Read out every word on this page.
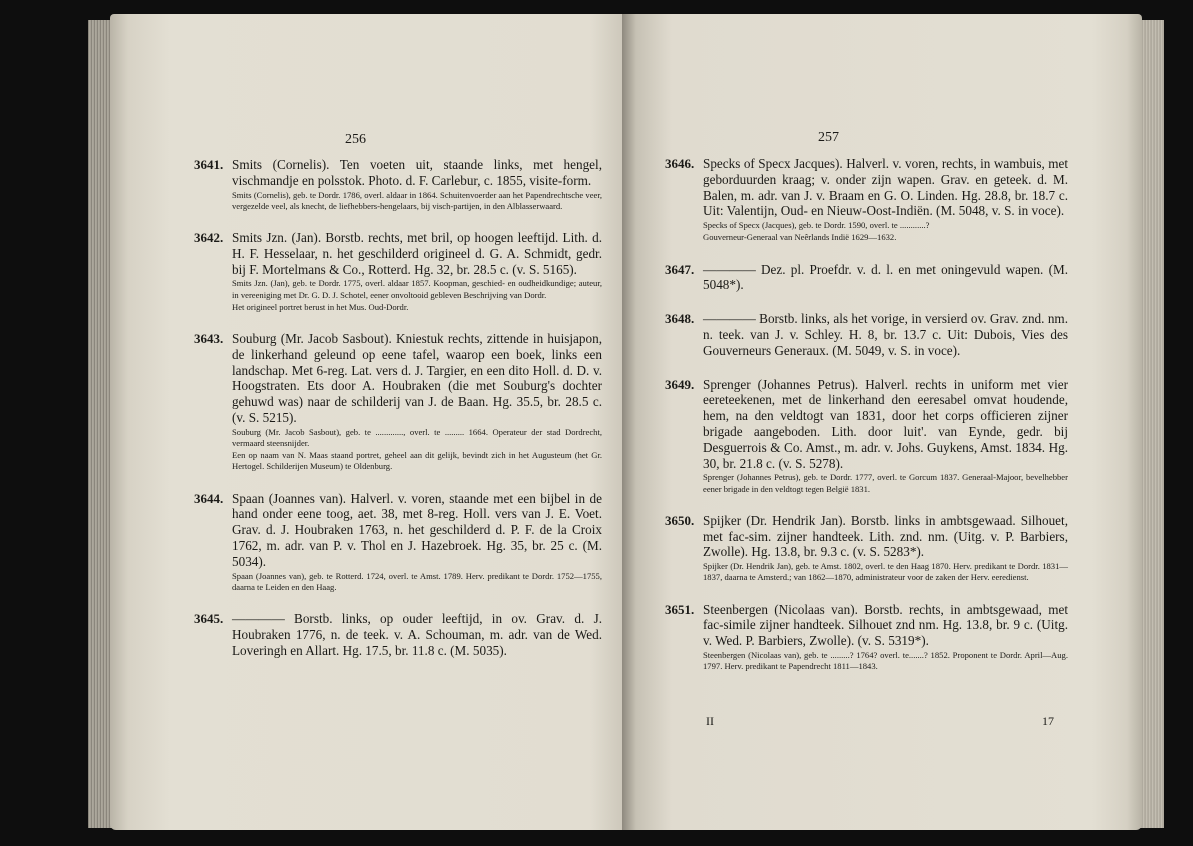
256
3641. Smits (Cornelis). Ten voeten uit, staande links, met hengel, vischmandje en polsstok. Photo. d. F. Carlebur, c. 1855, visite-form.
Smits (Cornelis), geb. te Dordr. 1786, overl. aldaar in 1864. Schuitenvoerder aan het Papendrechtsche veer, vergezelde veel, als knecht, de liefhebbers-hengelaars, bij visch-partijen, in den Alblasserwaard.
3642. Smits Jzn. (Jan). Borstb. rechts, met bril, op hoogen leeftijd. Lith. d. H. F. Hesselaar, n. het geschilderd origineel d. G. A. Schmidt, gedr. bij F. Mortelmans & Co., Rotterd. Hg. 32, br. 28.5 c. (v. S. 5165).
Smits Jzn. (Jan), geb. te Dordr. 1775, overl. aldaar 1857. Koopman, geschied- en oudheidkundige; auteur, in vereeniging met Dr. G. D. J. Schotel, eener onvoltooid gebleven Beschrijving van Dordr.
Het origineel portret berust in het Mus. Oud-Dordr.
3643. Souburg (Mr. Jacob Sasbout). Kniestuk rechts, zittende in huisjapon, de linkerhand geleund op eene tafel, waarop een boek, links een landschap. Met 6-reg. Lat. vers d. J. Targier, en een dito Holl. d. D. v. Hoogstraten. Ets door A. Houbraken (die met Souburg's dochter gehuwd was) naar de schilderij van J. de Baan. Hg. 35.5, br. 28.5 c. (v. S. 5215).
Souburg (Mr. Jacob Sasbout), geb. te ............., overl. te ......... 1664. Operateur der stad Dordrecht, vermaard steensnijder.
Een op naam van N. Maas staand portret, geheel aan dit gelijk, bevindt zich in het Augusteum (het Gr. Hertogel. Schilderijen Museum) te Oldenburg.
3644. Spaan (Joannes van). Halverl. v. voren, staande met een bijbel in de hand onder eene toog, aet. 38, met 8-reg. Holl. vers van J. E. Voet. Grav. d. J. Houbraken 1763, n. het geschilderd d. P. F. de la Croix 1762, m. adr. van P. v. Thol en J. Hazebroek. Hg. 35, br. 25 c. (M. 5034).
Spaan (Joannes van), geb. te Rotterd. 1724, overl. te Amst. 1789. Herv. predikant te Dordr. 1752—1755, daarna te Leiden en den Haag.
3645. ———— Borstb. links, op ouder leeftijd, in ov. Grav. d. J. Houbraken 1776, n. de teek. v. A. Schouman, m. adr. van de Wed. Loveringh en Allart. Hg. 17.5, br. 11.8 c. (M. 5035).
257
3646. Specks of Specx Jacques). Halverl. v. voren, rechts, in wambuis, met geborduurden kraag; v. onder zijn wapen. Grav. en geteek. d. M. Balen, m. adr. van J. v. Braam en G. O. Linden. Hg. 28.8, br. 18.7 c. Uit: Valentijn, Oud- en Nieuw-Oost-Indiën. (M. 5048, v. S. in voce).
Specks of Specx (Jacques), geb. te Dordr. 1590, overl. te ............?
Gouverneur-Generaal van Neêrlands Indië 1629—1632.
3647. ———— Dez. pl. Proefdr. v. d. l. en met oningevuld wapen. (M. 5048*).
3648. ———— Borstb. links, als het vorige, in versierd ov. Grav. znd. nm. n. teek. van J. v. Schley. H. 8, br. 13.7 c. Uit: Dubois, Vies des Gouverneurs Generaux. (M. 5049, v. S. in voce).
3649. Sprenger (Johannes Petrus). Halverl. rechts in uniform met vier eereteekenen, met de linkerhand den eeresabel omvat houdende, hem, na den veldtogt van 1831, door het corps officieren zijner brigade aangeboden. Lith. door luit'. van Eynde, gedr. bij Desguerrois & Co. Amst., m. adr. v. Johs. Guykens, Amst. 1834. Hg. 30, br. 21.8 c. (v. S. 5278).
Sprenger (Johannes Petrus), geb. te Dordr. 1777, overl. te Gorcum 1837. Generaal-Majoor, bevelhebber eener brigade in den veldtogt tegen België 1831.
3650. Spijker (Dr. Hendrik Jan). Borstb. links in ambtsgewaad. Silhouet, met fac-sim. zijner handteek. Lith. znd. nm. (Uitg. v. P. Barbiers, Zwolle). Hg. 13.8, br. 9.3 c. (v. S. 5283*).
Spijker (Dr. Hendrik Jan), geb. te Amst. 1802, overl. te den Haag 1870. Herv. predikant te Dordr. 1831—1837, daarna te Amsterd.; van 1862—1870, administrateur voor de zaken der Herv. eeredienst.
3651. Steenbergen (Nicolaas van). Borstb. rechts, in ambtsgewaad, met fac-simile zijner handteek. Silhouet znd nm. Hg. 13.8, br. 9 c. (Uitg. v. Wed. P. Barbiers, Zwolle). (v. S. 5319*).
Steenbergen (Nicolaas van), geb. te .........? 1764? overl. te.......? 1852. Proponent te Dordr. April—Aug. 1797. Herv. predikant te Papendrecht 1811—1843.
II	17
